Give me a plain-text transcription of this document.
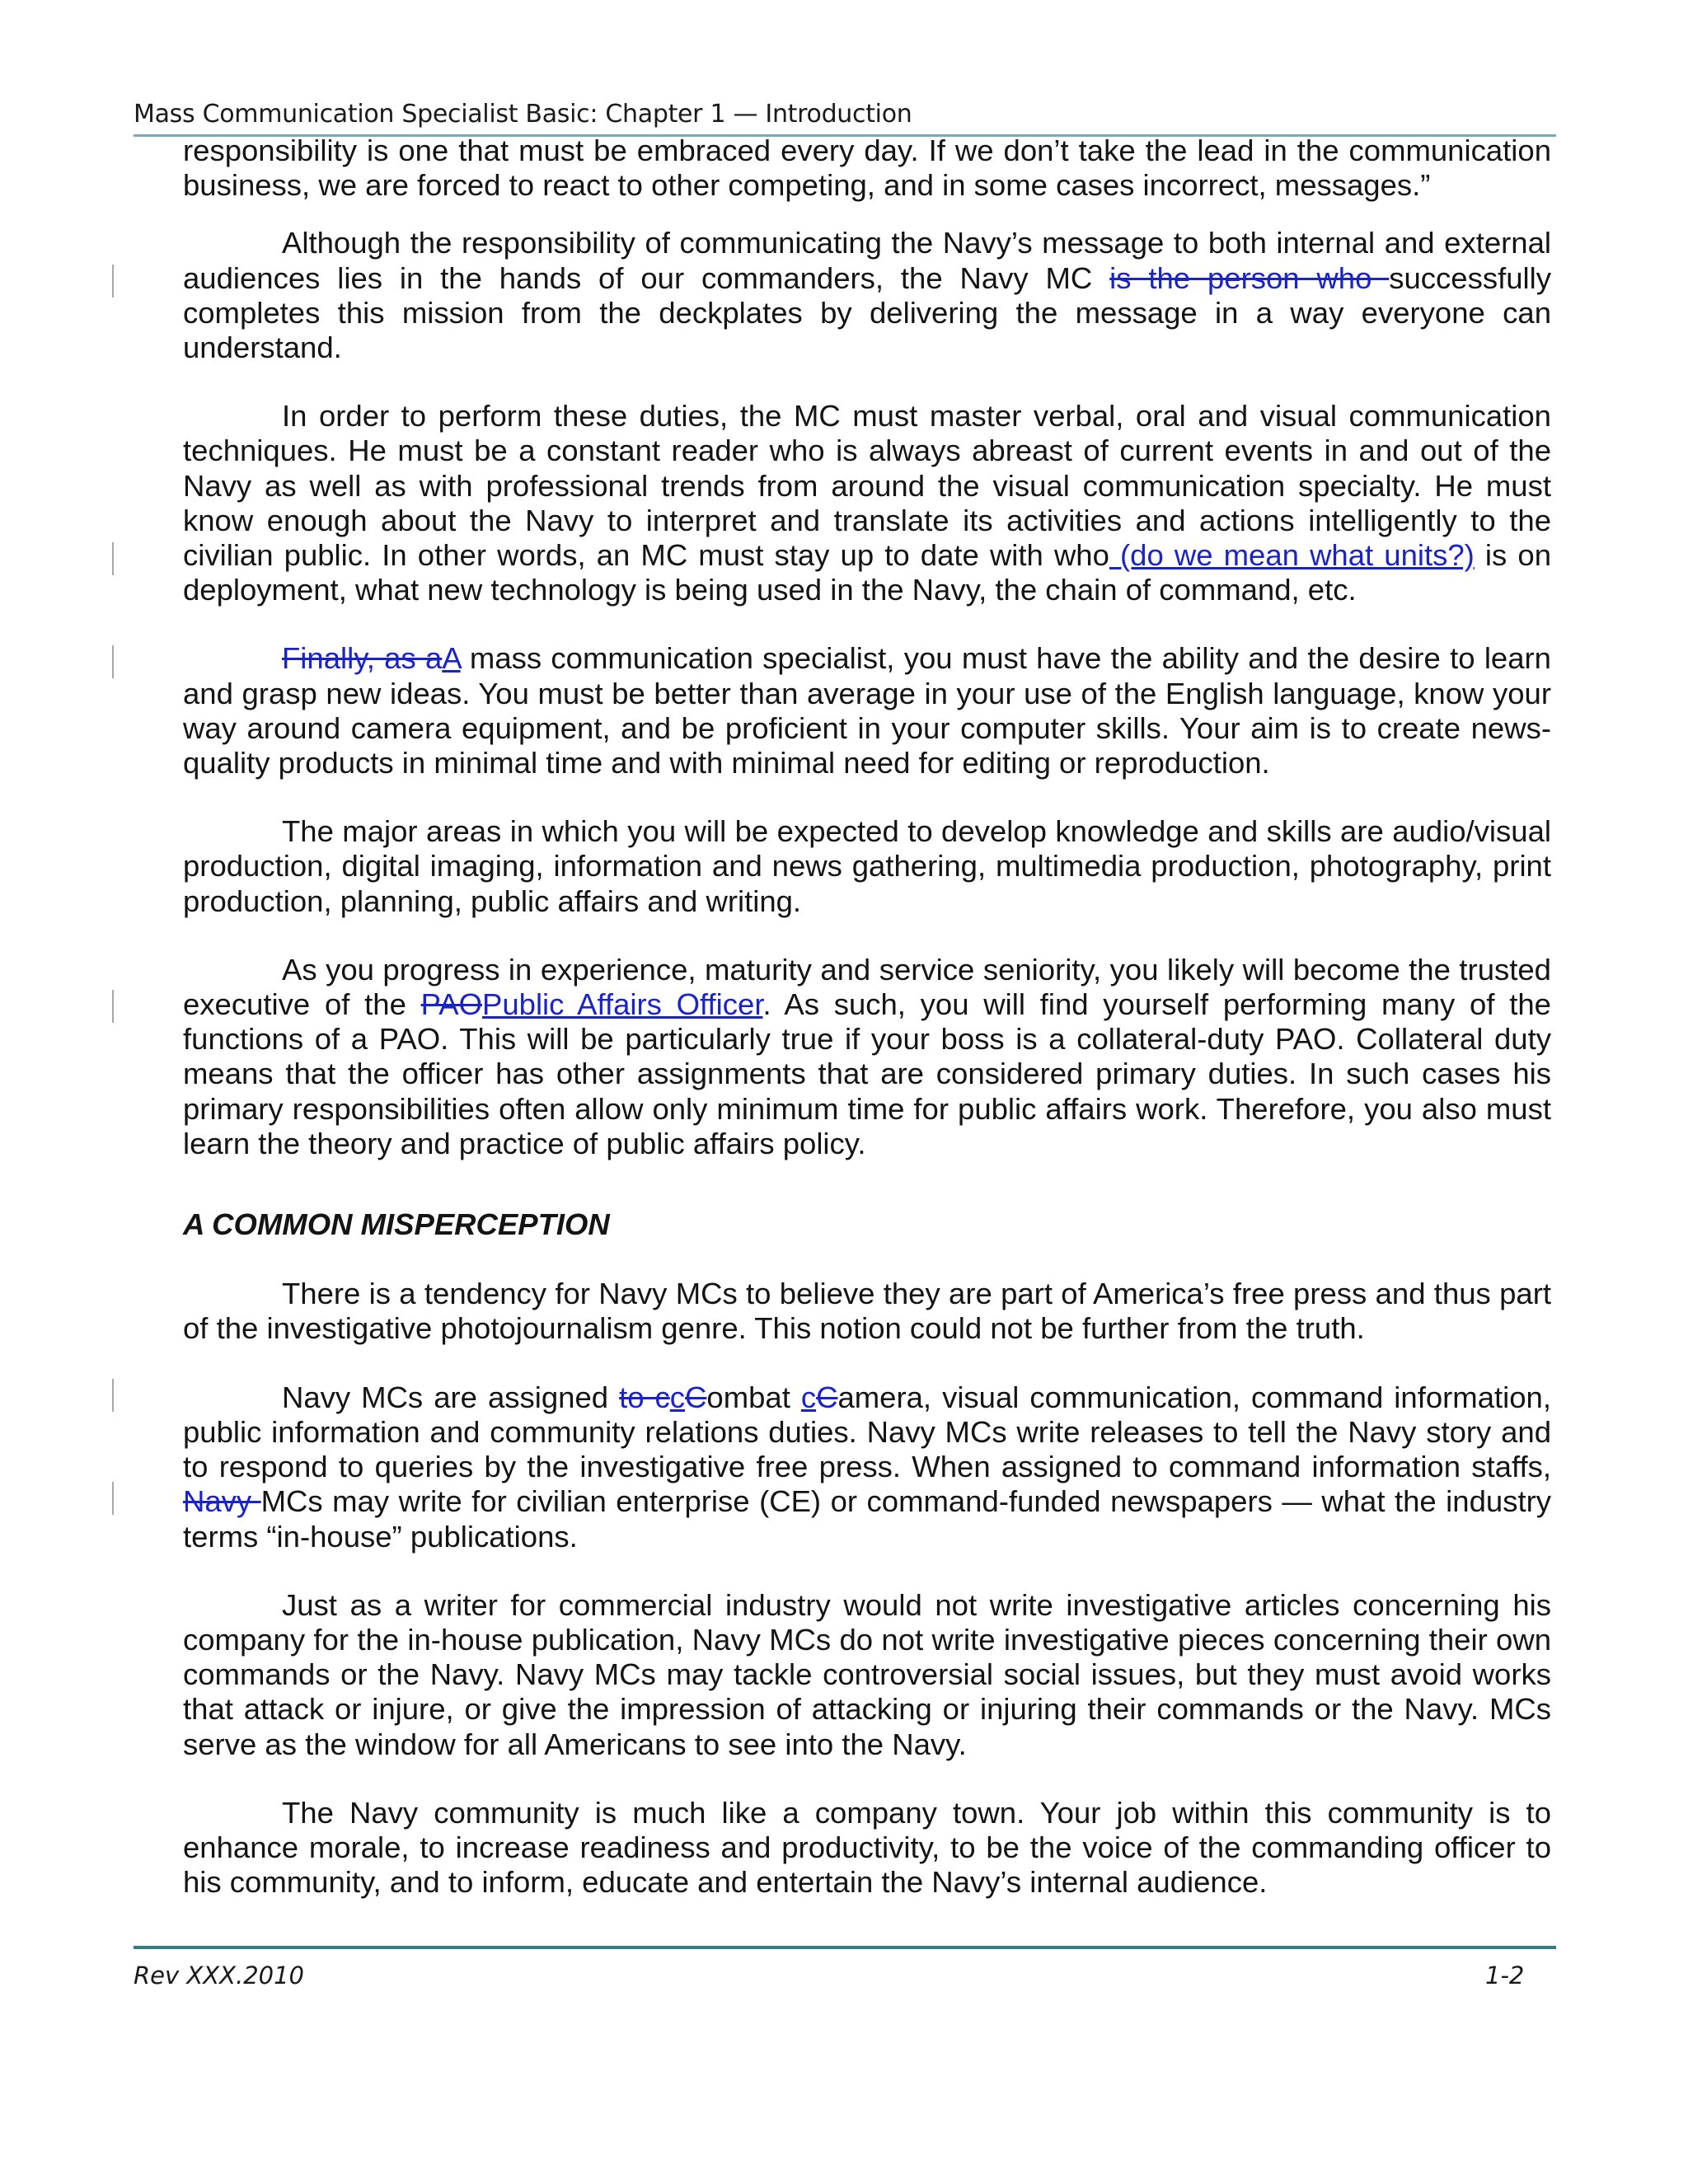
Mass Communication Specialist Basic: Chapter 1 — Introduction

responsibility is one that must be embraced every day. If we don’t take the lead in the communication business, we are forced to react to other competing, and in some cases incorrect, messages.”

Although the responsibility of communicating the Navy’s message to both internal and external audiences lies in the hands of our commanders, the Navy MC is the person who successfully completes this mission from the deckplates by delivering the message in a way everyone can understand.

In order to perform these duties, the MC must master verbal, oral and visual communication techniques. He must be a constant reader who is always abreast of current events in and out of the Navy as well as with professional trends from around the visual communication specialty. He must know enough about the Navy to interpret and translate its activities and actions intelligently to the civilian public. In other words, an MC must stay up to date with who (do we mean what units?) is on deployment, what new technology is being used in the Navy, the chain of command, etc.

Finally, as aA mass communication specialist, you must have the ability and the desire to learn and grasp new ideas. You must be better than average in your use of the English language, know your way around camera equipment, and be proficient in your computer skills. Your aim is to create news-quality products in minimal time and with minimal need for editing or reproduction.

The major areas in which you will be expected to develop knowledge and skills are audio/visual production, digital imaging, information and news gathering, multimedia production, photography, print production, planning, public affairs and writing.

As you progress in experience, maturity and service seniority, you likely will become the trusted executive of the PAOPublic Affairs Officer. As such, you will find yourself performing many of the functions of a PAO. This will be particularly true if your boss is a collateral-duty PAO. Collateral duty means that the officer has other assignments that are considered primary duties. In such cases his primary responsibilities often allow only minimum time for public affairs work. Therefore, you also must learn the theory and practice of public affairs policy.

A COMMON MISPERCEPTION

There is a tendency for Navy MCs to believe they are part of America’s free press and thus part of the investigative photojournalism genre. This notion could not be further from the truth.

Navy MCs are assigned to ccCombat cCamera, visual communication, command information, public information and community relations duties. Navy MCs write releases to tell the Navy story and to respond to queries by the investigative free press. When assigned to command information staffs, Navy MCs may write for civilian enterprise (CE) or command-funded newspapers — what the industry terms “in-house” publications.

Just as a writer for commercial industry would not write investigative articles concerning his company for the in-house publication, Navy MCs do not write investigative pieces concerning their own commands or the Navy. Navy MCs may tackle controversial social issues, but they must avoid works that attack or injure, or give the impression of attacking or injuring their commands or the Navy. MCs serve as the window for all Americans to see into the Navy.

The Navy community is much like a company town. Your job within this community is to enhance morale, to increase readiness and productivity, to be the voice of the commanding officer to his community, and to inform, educate and entertain the Navy’s internal audience.

Rev XXX.2010	1-2
